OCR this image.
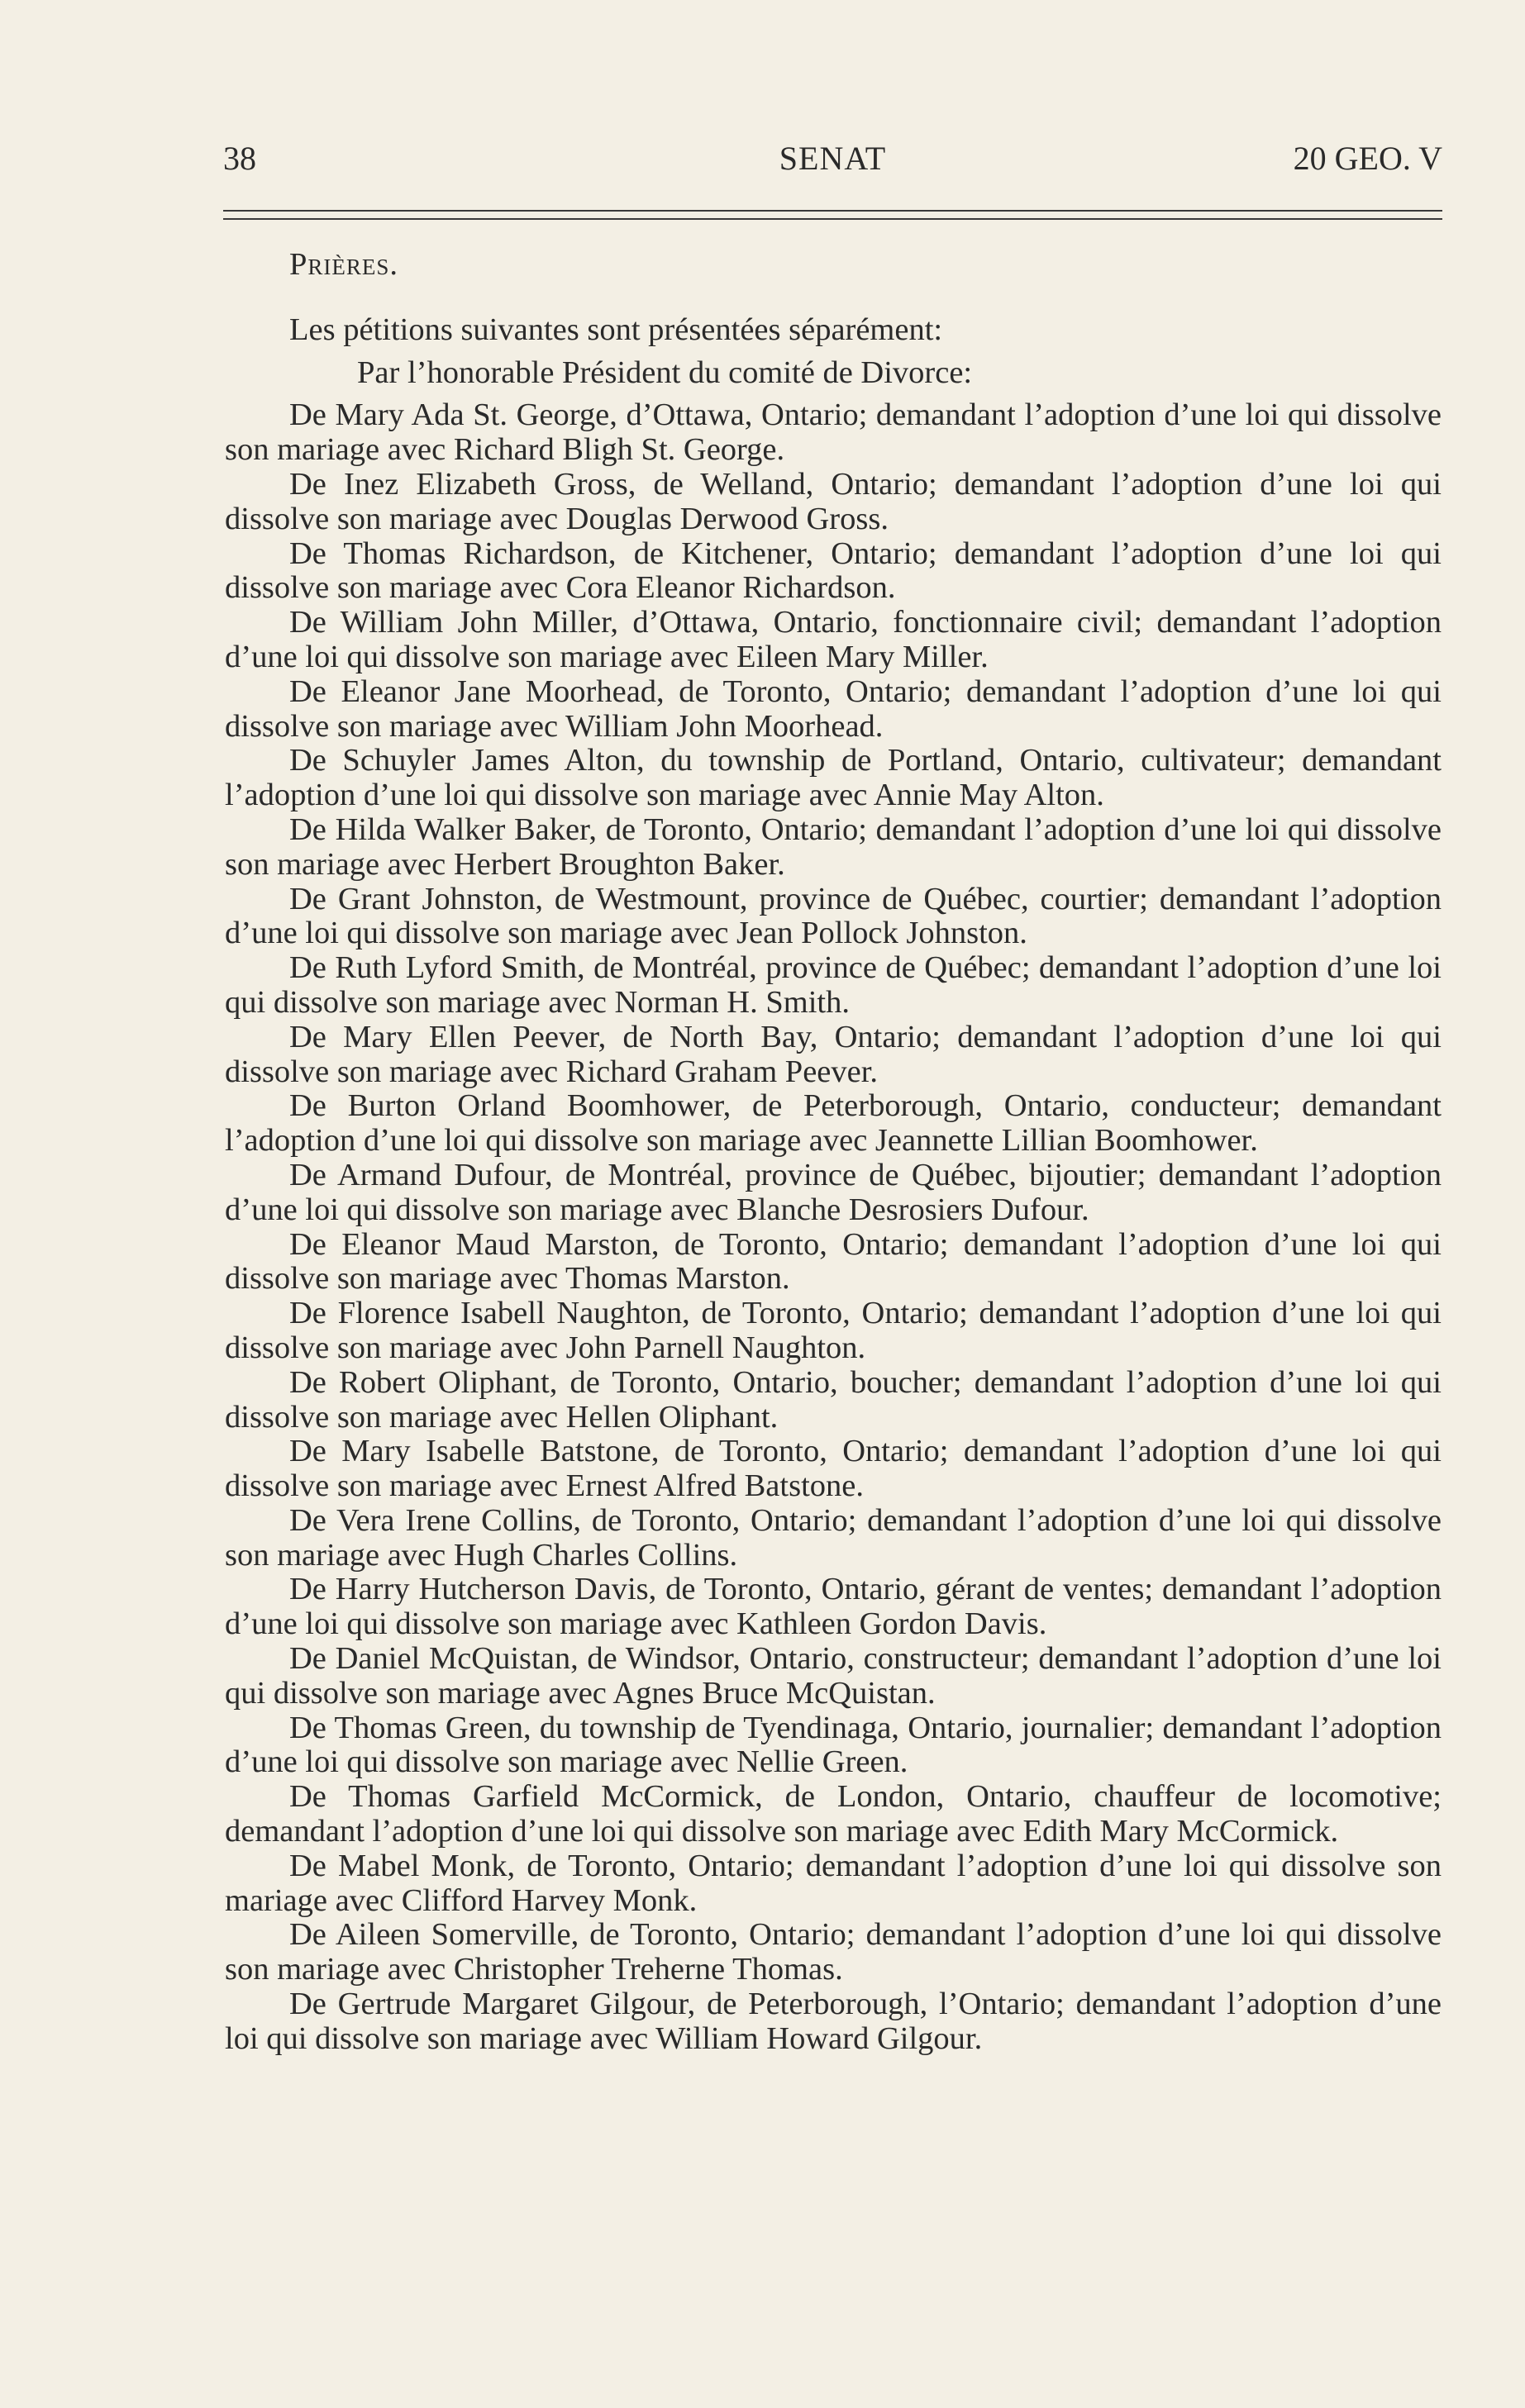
38	SENAT	20 GEO. V

Prières.

Les pétitions suivantes sont présentées séparément:

Par l’honorable Président du comité de Divorce:

De Mary Ada St. George, d’Ottawa, Ontario; demandant l’adoption d’une loi qui dissolve son mariage avec Richard Bligh St. George.

De Inez Elizabeth Gross, de Welland, Ontario; demandant l’adoption d’une loi qui dissolve son mariage avec Douglas Derwood Gross.

De Thomas Richardson, de Kitchener, Ontario; demandant l’adoption d’une loi qui dissolve son mariage avec Cora Eleanor Richardson.

De William John Miller, d’Ottawa, Ontario, fonctionnaire civil; demandant l’adoption d’une loi qui dissolve son mariage avec Eileen Mary Miller.

De Eleanor Jane Moorhead, de Toronto, Ontario; demandant l’adoption d’une loi qui dissolve son mariage avec William John Moorhead.

De Schuyler James Alton, du township de Portland, Ontario, cultivateur; demandant l’adoption d’une loi qui dissolve son mariage avec Annie May Alton.

De Hilda Walker Baker, de Toronto, Ontario; demandant l’adoption d’une loi qui dissolve son mariage avec Herbert Broughton Baker.

De Grant Johnston, de Westmount, province de Québec, courtier; demandant l’adoption d’une loi qui dissolve son mariage avec Jean Pollock Johnston.

De Ruth Lyford Smith, de Montréal, province de Québec; demandant l’adoption d’une loi qui dissolve son mariage avec Norman H. Smith.

De Mary Ellen Peever, de North Bay, Ontario; demandant l’adoption d’une loi qui dissolve son mariage avec Richard Graham Peever.

De Burton Orland Boomhower, de Peterborough, Ontario, conducteur; demandant l’adoption d’une loi qui dissolve son mariage avec Jeannette Lillian Boomhower.

De Armand Dufour, de Montréal, province de Québec, bijoutier; demandant l’adoption d’une loi qui dissolve son mariage avec Blanche Desrosiers Dufour.

De Eleanor Maud Marston, de Toronto, Ontario; demandant l’adoption d’une loi qui dissolve son mariage avec Thomas Marston.

De Florence Isabell Naughton, de Toronto, Ontario; demandant l’adoption d’une loi qui dissolve son mariage avec John Parnell Naughton.

De Robert Oliphant, de Toronto, Ontario, boucher; demandant l’adoption d’une loi qui dissolve son mariage avec Hellen Oliphant.

De Mary Isabelle Batstone, de Toronto, Ontario; demandant l’adoption d’une loi qui dissolve son mariage avec Ernest Alfred Batstone.

De Vera Irene Collins, de Toronto, Ontario; demandant l’adoption d’une loi qui dissolve son mariage avec Hugh Charles Collins.

De Harry Hutcherson Davis, de Toronto, Ontario, gérant de ventes; demandant l’adoption d’une loi qui dissolve son mariage avec Kathleen Gordon Davis.

De Daniel McQuistan, de Windsor, Ontario, constructeur; demandant l’adoption d’une loi qui dissolve son mariage avec Agnes Bruce McQuistan.

De Thomas Green, du township de Tyendinaga, Ontario, journalier; demandant l’adoption d’une loi qui dissolve son mariage avec Nellie Green.

De Thomas Garfield McCormick, de London, Ontario, chauffeur de locomotive; demandant l’adoption d’une loi qui dissolve son mariage avec Edith Mary McCormick.

De Mabel Monk, de Toronto, Ontario; demandant l’adoption d’une loi qui dissolve son mariage avec Clifford Harvey Monk.

De Aileen Somerville, de Toronto, Ontario; demandant l’adoption d’une loi qui dissolve son mariage avec Christopher Treherne Thomas.

De Gertrude Margaret Gilgour, de Peterborough, l’Ontario; demandant l’adoption d’une loi qui dissolve son mariage avec William Howard Gilgour.
